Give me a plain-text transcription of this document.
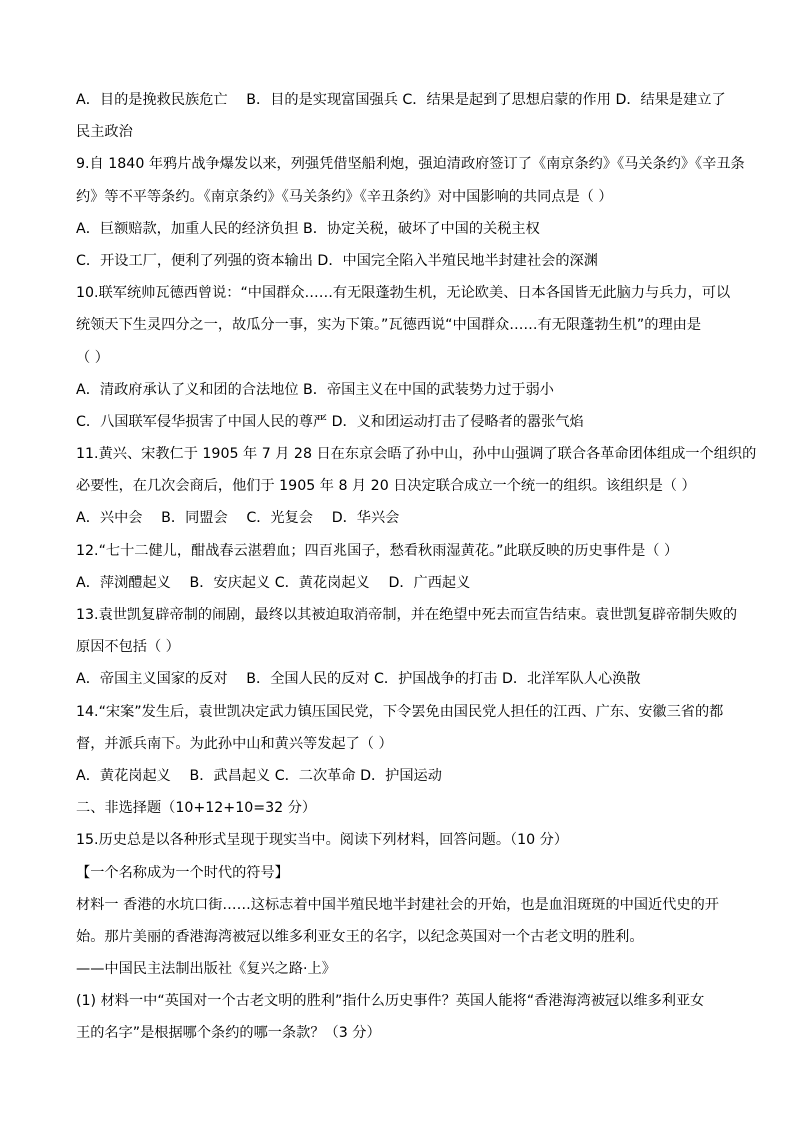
A．目的是挽救民族危亡　 B．目的是实现富国强兵 C．结果是起到了思想启蒙的作用 D．结果是建立了
民主政治
9.自 1840 年鸦片战争爆发以来，列强凭借坚船利炮，强迫清政府签订了《南京条约》《马关条约》《辛丑条
约》等不平等条约。《南京条约》《马关条约》《辛丑条约》对中国影响的共同点是（ ）
A．巨额赔款，加重人民的经济负担 B．协定关税，破坏了中国的关税主权
C．开设工厂，便利了列强的资本输出 D．中国完全陷入半殖民地半封建社会的深渊
10.联军统帅瓦德西曾说：“中国群众……有无限蓬勃生机，无论欧美、日本各国皆无此脑力与兵力，可以
统领天下生灵四分之一，故瓜分一事，实为下策。”瓦德西说“中国群众……有无限蓬勃生机”的理由是
（ ）
A．清政府承认了义和团的合法地位 B．帝国主义在中国的武装势力过于弱小
C．八国联军侵华损害了中国人民的尊严 D．义和团运动打击了侵略者的嚣张气焰
11.黄兴、宋教仁于 1905 年 7 月 28 日在东京会晤了孙中山，孙中山强调了联合各革命团体组成一个组织的
必要性，在几次会商后，他们于 1905 年 8 月 20 日决定联合成立一个统一的组织。该组织是（ ）
A．兴中会　 B．同盟会　 C．光复会　 D．华兴会
12.“七十二健儿，酣战春云湛碧血；四百兆国子，愁看秋雨湿黄花。”此联反映的历史事件是（ ）
A．萍浏醴起义　 B．安庆起义 C．黄花岗起义　 D．广西起义
13.袁世凯复辟帝制的闹剧，最终以其被迫取消帝制，并在绝望中死去而宣告结束。袁世凯复辟帝制失败的
原因不包括（ ）
A．帝国主义国家的反对　 B．全国人民的反对 C．护国战争的打击 D．北洋军队人心涣散
14.“宋案”发生后，袁世凯决定武力镇压国民党，下令罢免由国民党人担任的江西、广东、安徽三省的都
督，并派兵南下。为此孙中山和黄兴等发起了（ ）
A．黄花岗起义　 B．武昌起义 C．二次革命 D．护国运动
二、非选择题（10+12+10=32 分）
15.历史总是以各种形式呈现于现实当中。阅读下列材料，回答问题。（10 分）
【一个名称成为一个时代的符号】
材料一 香港的水坑口街……这标志着中国半殖民地半封建社会的开始，也是血泪斑斑的中国近代史的开
始。那片美丽的香港海湾被冠以维多利亚女王的名字，以纪念英国对一个古老文明的胜利。
——中国民主法制出版社《复兴之路·上》
(1) 材料一中“英国对一个古老文明的胜利”指什么历史事件？英国人能将“香港海湾被冠以维多利亚女
王的名字”是根据哪个条约的哪一条款？（3 分）
